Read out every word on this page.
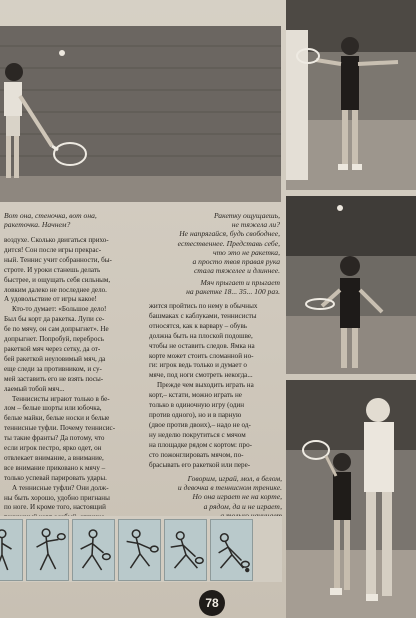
Вот она, стеночка, вот она,
ракеточка. Начнем?
Ракетку ощущаешь,
не тяжела ли?
Не напрягайся, будь свободнее,
естественнее. Представь себе,
что это не ракетка,
а просто твоя правая рука
стала тяжелее и длиннее.
Мяч прыгает и прыгает
на ракетке 18... 35... 100 раз.
воздухе. Сколько двигаться прихо-
дится! Сон после игры прекрас-
ный. Теннис учит собранности, бы-
строте. И уроки станешь делать
быстрее, и ощущать себя сильным,
ловким далеко не последнее дело.
А удовольствие от игры какое!
Кто-то думает: «Большое дело!
Был бы корт да ракетка. Лупи се-
бе по мячу, он сам допрыгнет». Не
допрыгнет. Попробуй, перебрось
ракеткой мяч через сетку, да от-
бей ракеткой неуловимый мяч, да
еще следи за противником, и су-
мей заставить его не взять посы-
лаемый тобой мяч...
Теннисисты играют только в бе-
лом – белые шорты или юбочка,
белые майки, белые носки и белые
теннисные туфли. Почему теннисис-
ты такие франты? Да потому, что
если игрок пестро, ярко одет, он
отвлекает внимание, а внимание,
все внимание приковано к мячу –
только успевай парировать удары.
А теннисные туфли? Они долж-
ны быть хорошо, удобно пригнаны
по ноге. И кроме того, настоящий
жится пройтись по нему в обычных
башмаках с каблуками, теннисисты
относятся, как к варвару – обувь
должна быть на плоской подошве,
чтобы не оставить следов. Ямка на
корте может стоить сломанной но-
ги: игрок ведь только и думает о
мяче, под ноги смотреть некогда...
Прежде чем выходить играть на
корт,– кстати, можно играть не
только в одиночную игру (один
против одного), но и в парную
(двое против двоих),– надо не од-
ну неделю покрутиться с мячом
на площадке рядом с кортом: про-
сто пожонглировать мячом, по-
брасывать его ракеткой или пере-
Говорим, играй, мол, в белом,
и девочка в теннисном тренике.
Но она играет не на корте,
а рядом, да и не играет,
78
